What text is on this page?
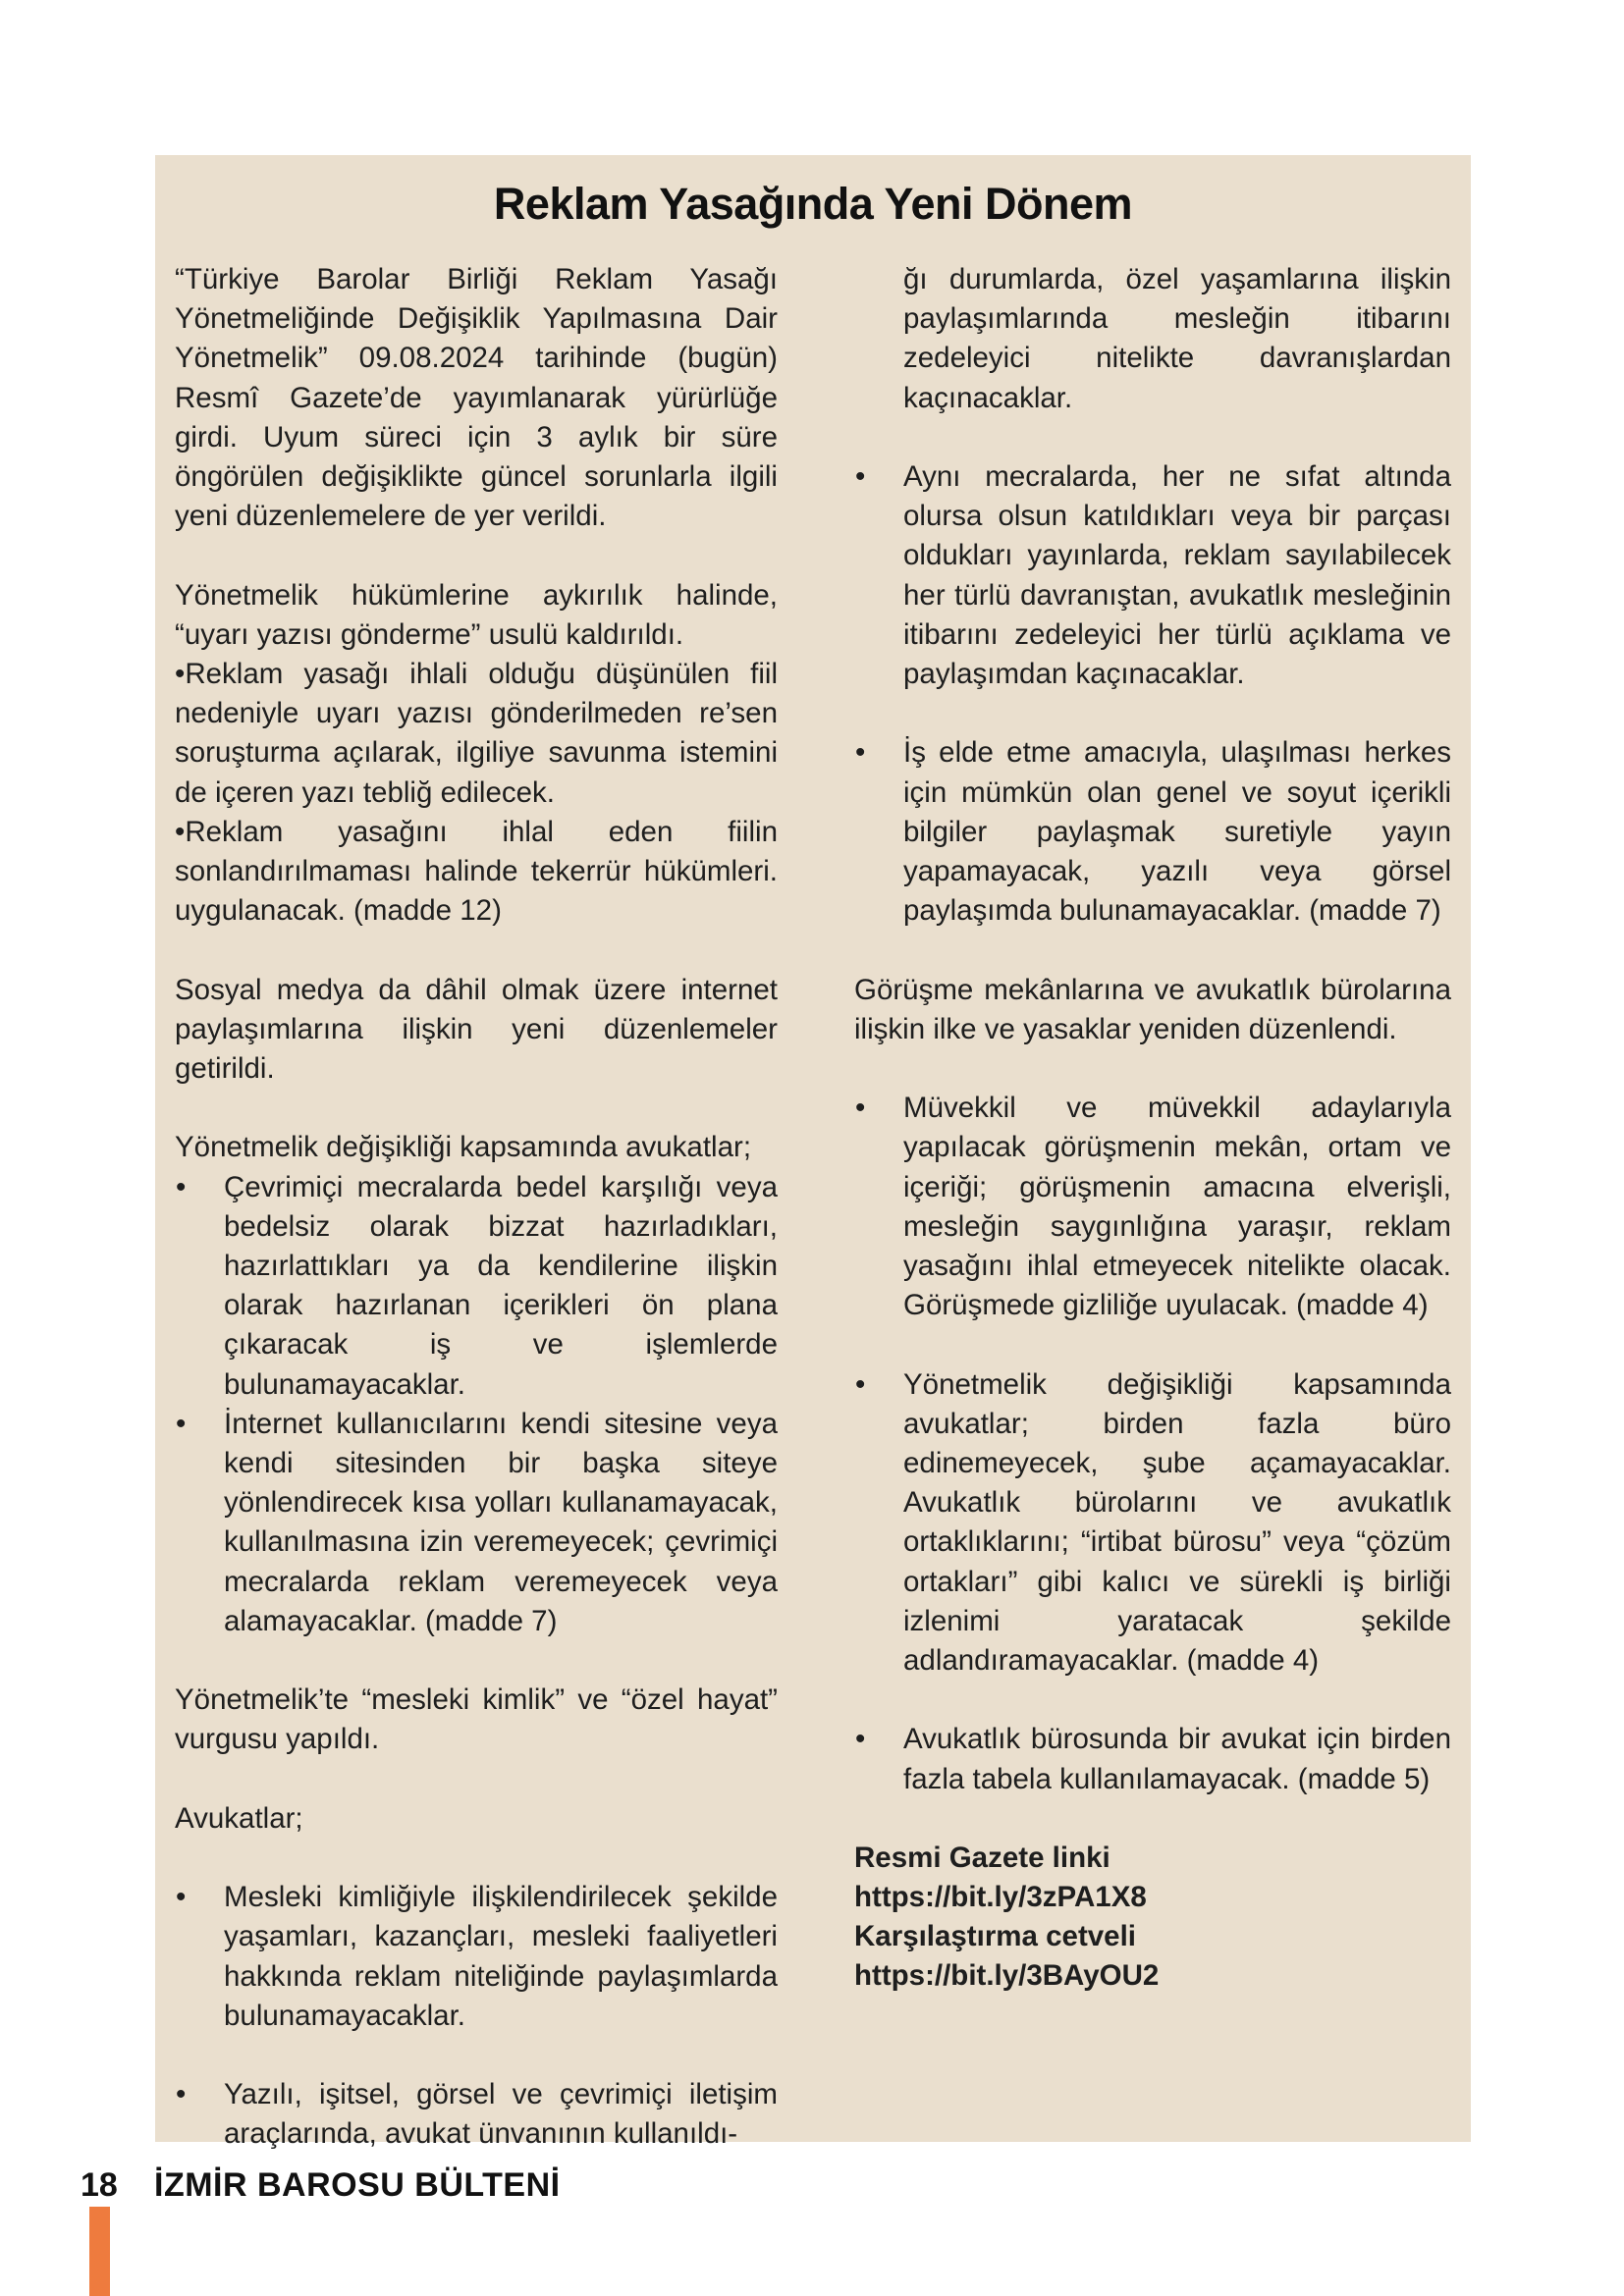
Reklam Yasağında Yeni Dönem

“Türkiye Barolar Birliği Reklam Yasağı Yönetmeliğinde Değişiklik Yapılmasına Dair Yönetmelik” 09.08.2024 tarihinde (bugün) Resmî Gazete’de yayımlanarak yürürlüğe girdi. Uyum süreci için 3 aylık bir süre öngörülen değişiklikte güncel sorunlarla ilgili yeni düzenlemelere de yer verildi.

Yönetmelik hükümlerine aykırılık halinde, “uyarı yazısı gönderme” usulü kaldırıldı.

•Reklam yasağı ihlali olduğu düşünülen fiil nedeniyle uyarı yazısı gönderilmeden re’sen soruşturma açılarak, ilgiliye savunma istemini de içeren yazı tebliğ edilecek.

•Reklam yasağını ihlal eden fiilin sonlandırılmaması halinde tekerrür hükümleri. uygulanacak. (madde 12)

Sosyal medya da dâhil olmak üzere internet paylaşımlarına ilişkin yeni düzenlemeler getirildi.

Yönetmelik değişikliği kapsamında avukatlar;

•	Çevrimiçi mecralarda bedel karşılığı veya bedelsiz olarak bizzat hazırladıkları, hazırlattıkları ya da kendilerine ilişkin olarak hazırlanan içerikleri ön plana çıkaracak iş ve işlemlerde bulunamayacaklar.
•	İnternet kullanıcılarını kendi sitesine veya kendi sitesinden bir başka siteye yönlendirecek kısa yolları kullanamayacak, kullanılmasına izin veremeyecek; çevrimiçi mecralarda reklam veremeyecek veya alamayacaklar. (madde 7)

Yönetmelik’te “mesleki kimlik” ve “özel hayat” vurgusu yapıldı.

Avukatlar;

•	Mesleki kimliğiyle ilişkilendirilecek şekilde yaşamları, kazançları, mesleki faaliyetleri hakkında reklam niteliğinde paylaşımlarda bulunamayacaklar.
•	Yazılı, işitsel, görsel ve çevrimiçi iletişim araçlarında, avukat ünvanının kullanıldı-
ğı durumlarda, özel yaşamlarına ilişkin paylaşımlarında mesleğin itibarını zedeleyici nitelikte davranışlardan kaçınacaklar.
•	Aynı mecralarda, her ne sıfat altında olursa olsun katıldıkları veya bir parçası oldukları yayınlarda, reklam sayılabilecek her türlü davranıştan, avukatlık mesleğinin itibarını zedeleyici her türlü açıklama ve paylaşımdan kaçınacaklar.
•	İş elde etme amacıyla, ulaşılması herkes için mümkün olan genel ve soyut içerikli bilgiler paylaşmak suretiyle yayın yapamayacak, yazılı veya görsel paylaşımda bulunamayacaklar. (madde 7)

Görüşme mekânlarına ve avukatlık bürolarına ilişkin ilke ve yasaklar yeniden düzenlendi.

•	Müvekkil ve müvekkil adaylarıyla yapılacak görüşmenin mekân, ortam ve içeriği; görüşmenin amacına elverişli, mesleğin saygınlığına yaraşır, reklam yasağını ihlal etmeyecek nitelikte olacak. Görüşmede gizliliğe uyulacak. (madde 4)
•	Yönetmelik değişikliği kapsamında avukatlar; birden fazla büro edinemeyecek, şube açamayacaklar. Avukatlık bürolarını ve avukatlık ortaklıklarını; “irtibat bürosu” veya “çözüm ortakları” gibi kalıcı ve sürekli iş birliği izlenimi yaratacak şekilde adlandıramayacaklar. (madde 4)
•	Avukatlık bürosunda bir avukat için birden fazla tabela kullanılamayacak. (madde 5)

Resmi Gazete linki

https://bit.ly/3zPA1X8

Karşılaştırma cetveli

https://bit.ly/3BAyOU2

18 İZMİR BAROSU BÜLTENİ
